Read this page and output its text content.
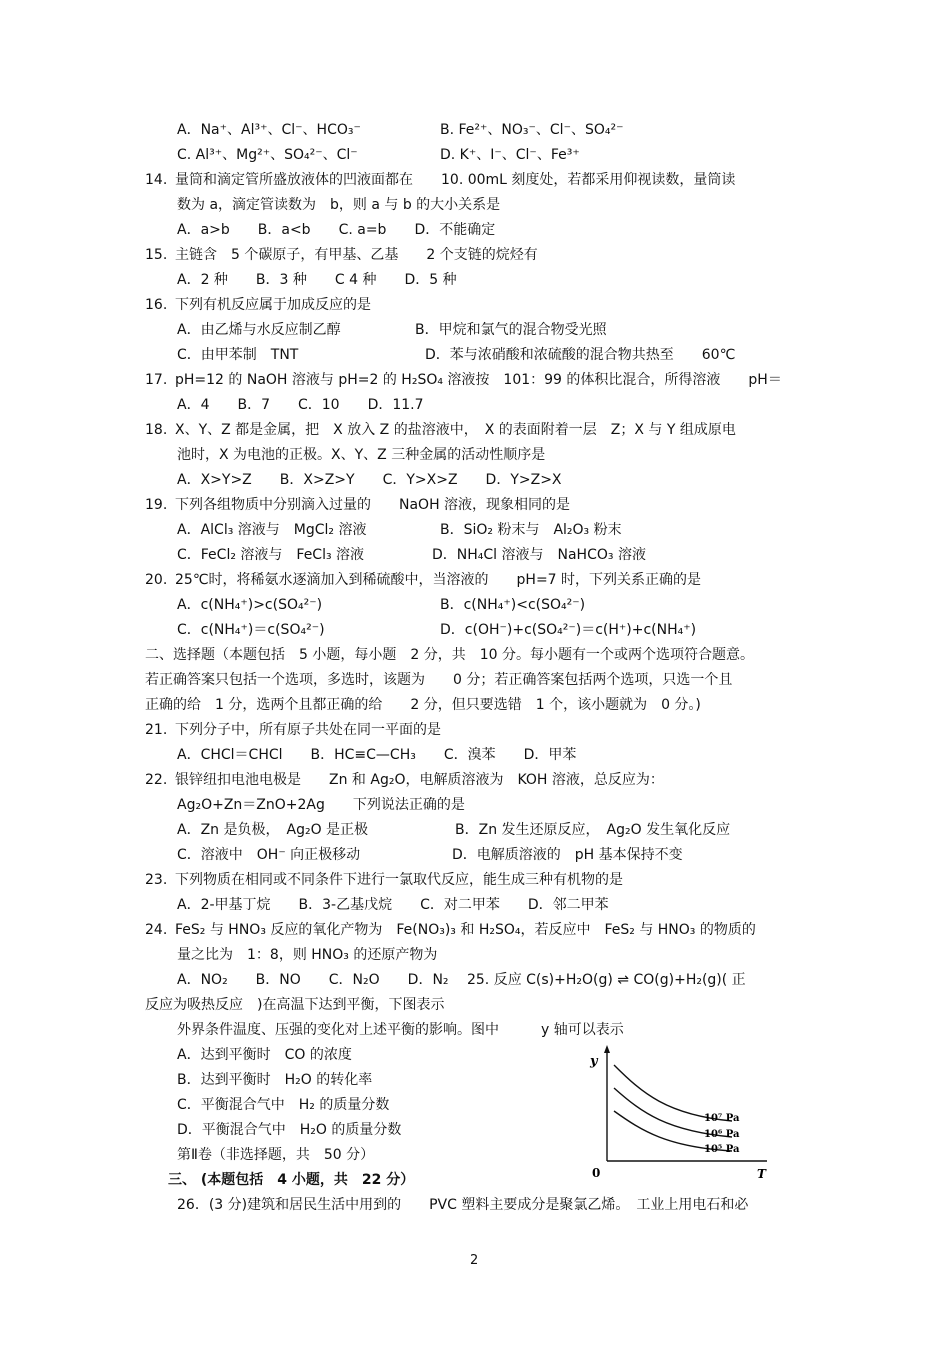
A．Na⁺、Al³⁺、Cl⁻、HCO₃⁻	B. Fe²⁺、NO₃⁻、Cl⁻、SO₄²⁻
C. Al³⁺、Mg²⁺、SO₄²⁻、Cl⁻	D. K⁺、I⁻、Cl⁻、Fe³⁺
14. 量筒和滴定管所盛放液体的凹液面都在　　10. 00mL 刻度处，若都采用仰视读数，量筒读
数为 a，滴定管读数为　b，则 a 与 b 的大小关系是
A．a>b　　B．a<b　　C. a=b　　D．不能确定
15. 主链含　5 个碳原子，有甲基、乙基　　2 个支链的烷烃有
A．2 种　　B．3 种　　C 4 种　　D．5 种
16. 下列有机反应属于加成反应的是
A．由乙烯与水反应制乙醇	B．甲烷和氯气的混合物受光照
C．由甲苯制　TNT	D．苯与浓硝酸和浓硫酸的混合物共热至　　60℃
17. pH=12 的 NaOH 溶液与 pH=2 的 H₂SO₄ 溶液按　101：99 的体积比混合，所得溶液　　pH＝
A．4　　B．7　　C．10　　D．11.7
18. X、Y、Z 都是金属，把　X 放入 Z 的盐溶液中，　X 的表面附着一层　Z；X 与 Y 组成原电
池时，X 为电池的正极。X、Y、Z 三种金属的活动性顺序是
A．X>Y>Z　　B．X>Z>Y　　C．Y>X>Z　　D．Y>Z>X
19. 下列各组物质中分别滴入过量的　　NaOH 溶液，现象相同的是
A．AlCl₃ 溶液与　MgCl₂ 溶液	B．SiO₂ 粉末与　Al₂O₃ 粉末
C．FeCl₂ 溶液与　FeCl₃ 溶液	D．NH₄Cl 溶液与　NaHCO₃ 溶液
20. 25℃时，将稀氨水逐滴加入到稀硫酸中，当溶液的　　pH=7 时，下列关系正确的是
A．c(NH₄⁺)>c(SO₄²⁻)	B．c(NH₄⁺)<c(SO₄²⁻)
C．c(NH₄⁺)＝c(SO₄²⁻)	D．c(OH⁻)+c(SO₄²⁻)＝c(H⁺)+c(NH₄⁺)
二、选择题（本题包括　5 小题，每小题　2 分，共　10 分。每小题有一个或两个选项符合题意。
若正确答案只包括一个选项，多选时，该题为　　0 分；若正确答案包括两个选项，只选一个且
正确的给　1 分，选两个且都正确的给　　2 分，但只要选错　1 个，该小题就为　0 分。)
21. 下列分子中，所有原子共处在同一平面的是
A．CHCl＝CHCl　　B．HC≡C—CH₃　　C．溴苯　　D．甲苯
22. 银锌纽扣电池电极是　　Zn 和 Ag₂O，电解质溶液为　KOH 溶液，总反应为：
Ag₂O+Zn＝ZnO+2Ag　　下列说法正确的是
A．Zn 是负极，　Ag₂O 是正极	B．Zn 发生还原反应，　Ag₂O 发生氧化反应
C．溶液中　OH⁻ 向正极移动	D．电解质溶液的　pH 基本保持不变
23. 下列物质在相同或不同条件下进行一氯取代反应，能生成三种有机物的是
A．2-甲基丁烷　　B．3-乙基戊烷　　C．对二甲苯　　D．邻二甲苯
24. FeS₂ 与 HNO₃ 反应的氧化产物为　Fe(NO₃)₃ 和 H₂SO₄，若反应中　FeS₂ 与 HNO₃ 的物质的
量之比为　1：8，则 HNO₃ 的还原产物为
A．NO₂　　B．NO　　C．N₂O　　D．N₂　 25. 反应 C(s)+H₂O(g) ⇌ CO(g)+H₂(g)( 正
反应为吸热反应　)在高温下达到平衡，下图表示
外界条件温度、压强的变化对上述平衡的影响。图中　　　y 轴可以表示
A．达到平衡时　CO 的浓度
B．达到平衡时　H₂O 的转化率
C．平衡混合气中　H₂ 的质量分数
D．平衡混合气中　H₂O 的质量分数
第Ⅱ卷（非选择题，共　50 分）
三、 (本题包括　4 小题，共　22 分）
26．(3 分)建筑和居民生活中用到的　　PVC 塑料主要成分是聚氯乙烯。　工业上用电石和必
y
T
0
10⁷ Pa
10⁶ Pa
10⁵ Pa
2
